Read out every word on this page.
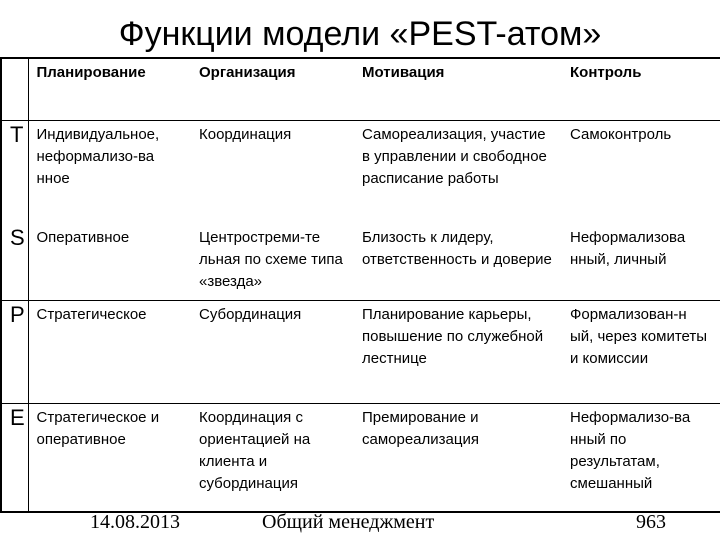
Функции модели «PEST-атом»
	Планирование	Организация	Мотивация	Контроль
T	Индивидуальное, неформализо-ва нное	Координация	Самореализация, участие в управлении и свободное расписание работы	Самоконтроль
S	Оперативное	Центростреми-те льная по схеме типа «звезда»	Близость к лидеру, ответственность и доверие	Неформализова нный, личный
P	Стратегическое	Субординация	Планирование карьеры, повышение по служебной лестнице	Формализован-н ый, через комитеты и комиссии
E	Стратегическое и оперативное	Координация с ориентацией на клиента и субординация	Премирование и самореализация	Неформализо-ва нный по результатам, смешанный
14.08.2013	Общий менеджмент	963
